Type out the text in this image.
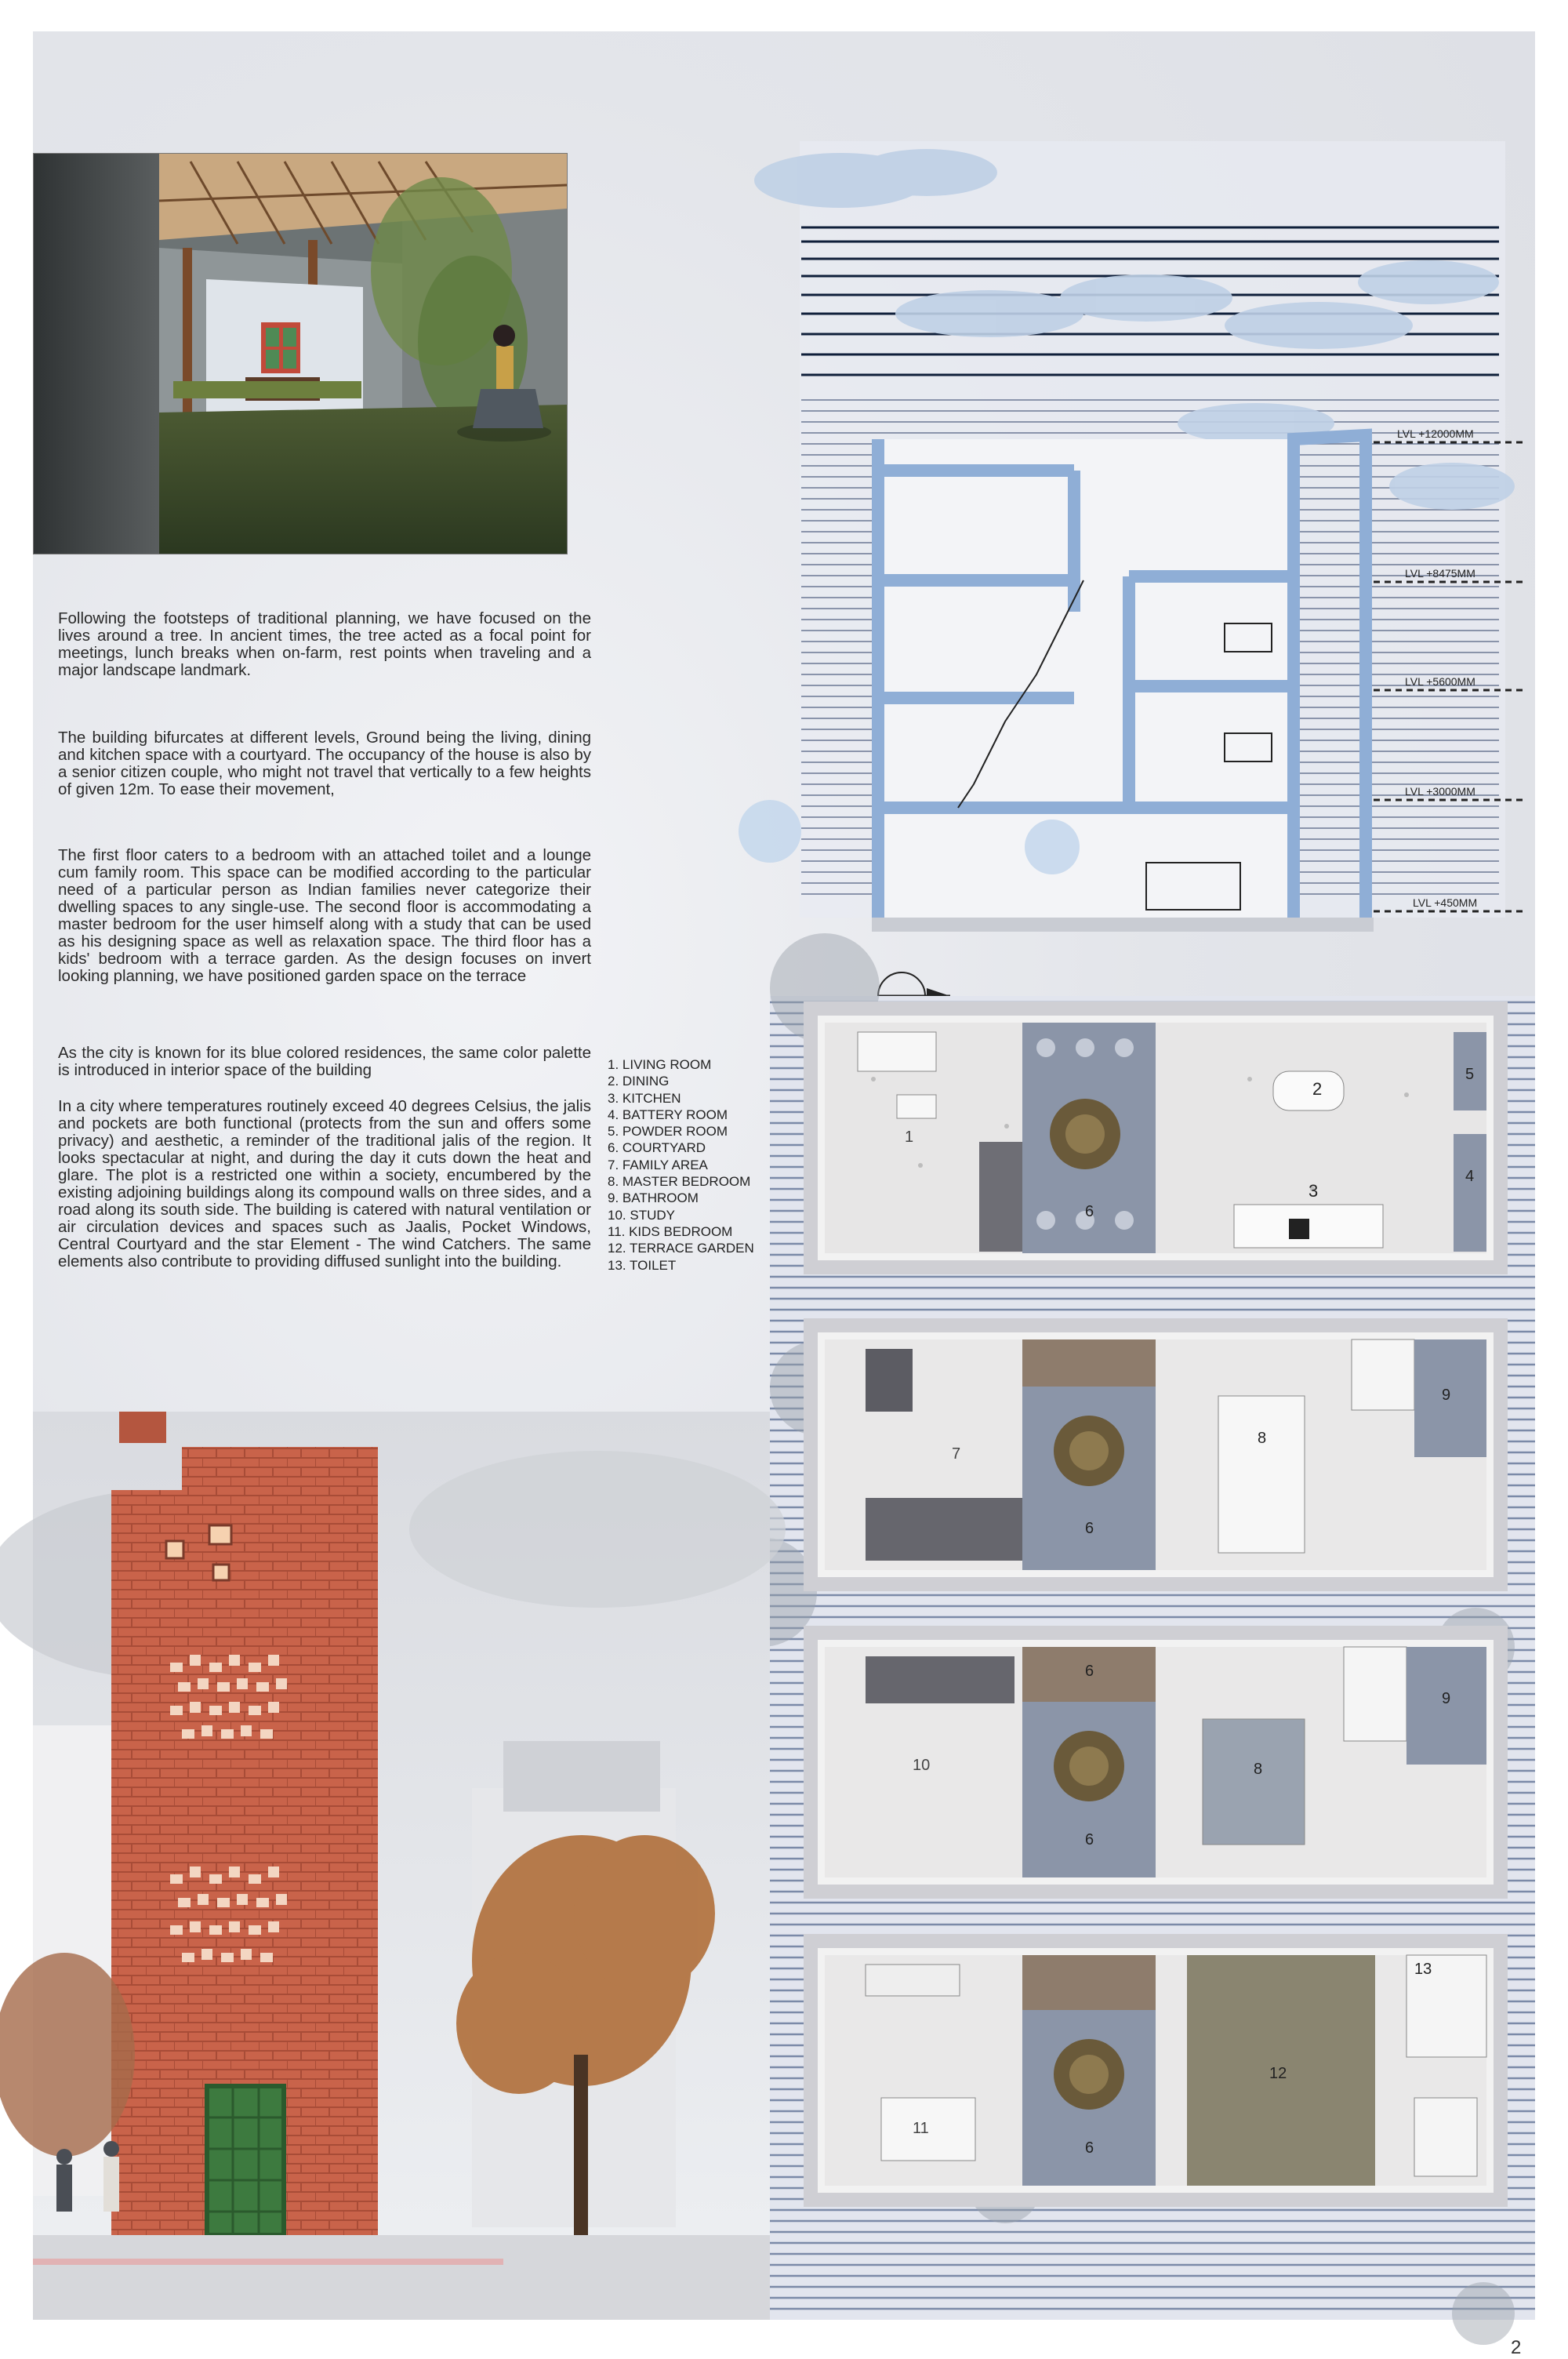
LVL +12000MM
LVL +8475MM
LVL +5600MM
LVL +3000MM
LVL +450MM
1
2
3
4
5
6
7
8
6
9
10	8
6
9
6
11
6
12
13
Following the footsteps of traditional planning, we have focused on the lives around a tree. In ancient times, the tree acted as a focal point for meetings, lunch breaks when on-farm, rest points when traveling and a major landscape landmark.
The building bifurcates at different levels, Ground being the living, dining and kitchen space with a courtyard. The occupancy of the house is also by a senior citizen couple, who might not travel that vertically to a few heights of given 12m. To ease their movement,
The first floor caters to a bedroom with an attached toilet and a lounge cum family room. This space can be modified according to the particular need of a particular person as Indian families never categorize their dwelling spaces to any single-use. The second floor is accommodating a master bedroom for the user himself along with a study that can be used as his designing space as well as relaxation space. The third floor has a kids' bedroom with a terrace garden. As the design focuses on invert looking planning, we have positioned garden space on the terrace
As the city is known for its blue colored residences, the same color palette is introduced in interior space of the building
In a city where temperatures routinely exceed 40 degrees Celsius, the jalis and pockets are both functional (protects from the sun and offers some privacy) and aesthetic, a reminder of the traditional jalis of the region. It looks spectacular at night, and during the day it cuts down the heat and glare. The plot is a restricted one within a society, encumbered by the existing adjoining buildings along its compound walls on three sides, and a road along its south side. The building is catered with natural ventilation or air circulation devices and spaces such as Jaalis, Pocket Windows, Central Courtyard and the star Element - The wind Catchers. The same elements also contribute to providing diffused sunlight into the building.
1. LIVING ROOM
2. DINING
3. KITCHEN
4. BATTERY ROOM
5. POWDER ROOM
6. COURTYARD
7. FAMILY AREA
8. MASTER BEDROOM
9. BATHROOM
10. STUDY
11. KIDS BEDROOM
12. TERRACE GARDEN
13. TOILET
2
